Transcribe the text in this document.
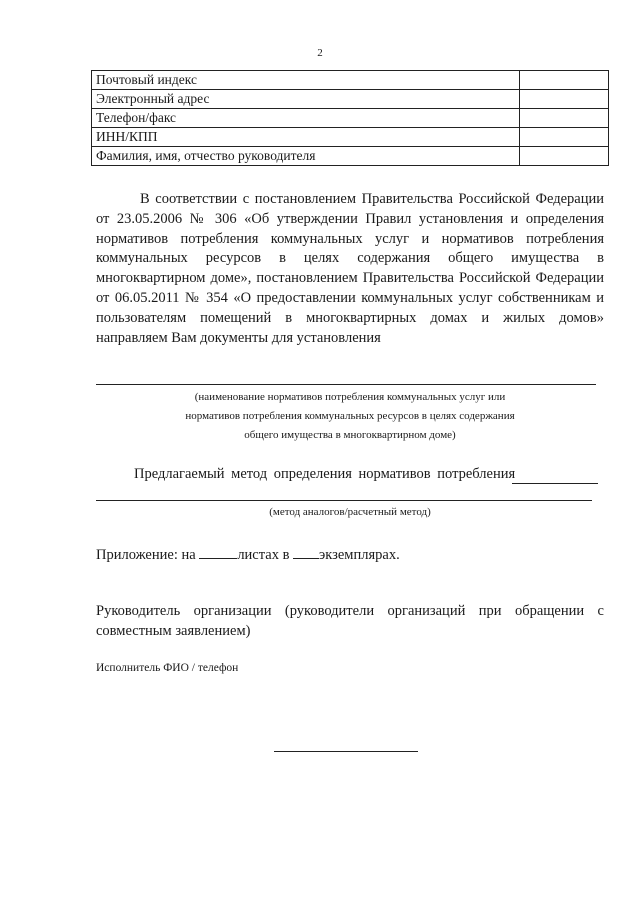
2
Почтовый индекс	
Электронный адрес	
Телефон/факс	
ИНН/КПП	
Фамилия, имя, отчество руководителя	

В соответствии с постановлением Правительства Российской Федерации от 23.05.2006 № 306 «Об утверждении Правил установления и определения нормативов потребления коммунальных услуг и нормативов потребления коммунальных ресурсов в целях содержания общего имущества в многоквартирном доме», постановлением Правительства Российской Федерации от 06.05.2011 № 354 «О предоставлении коммунальных услуг собственникам и пользователям помещений в многоквартирных домах и жилых домов» направляем Вам документы для установления

(наименование нормативов потребления коммунальных услуг или
нормативов потребления коммунальных ресурсов в целях содержания
общего имущества в многоквартирном доме)
Предлагаемый метод определения нормативов потребления
(метод аналогов/расчетный метод)
Приложение: на	листах в экземплярах.

Руководитель организации (руководители организаций при обращении с совместным заявлением)

Исполнитель ФИО / телефон
